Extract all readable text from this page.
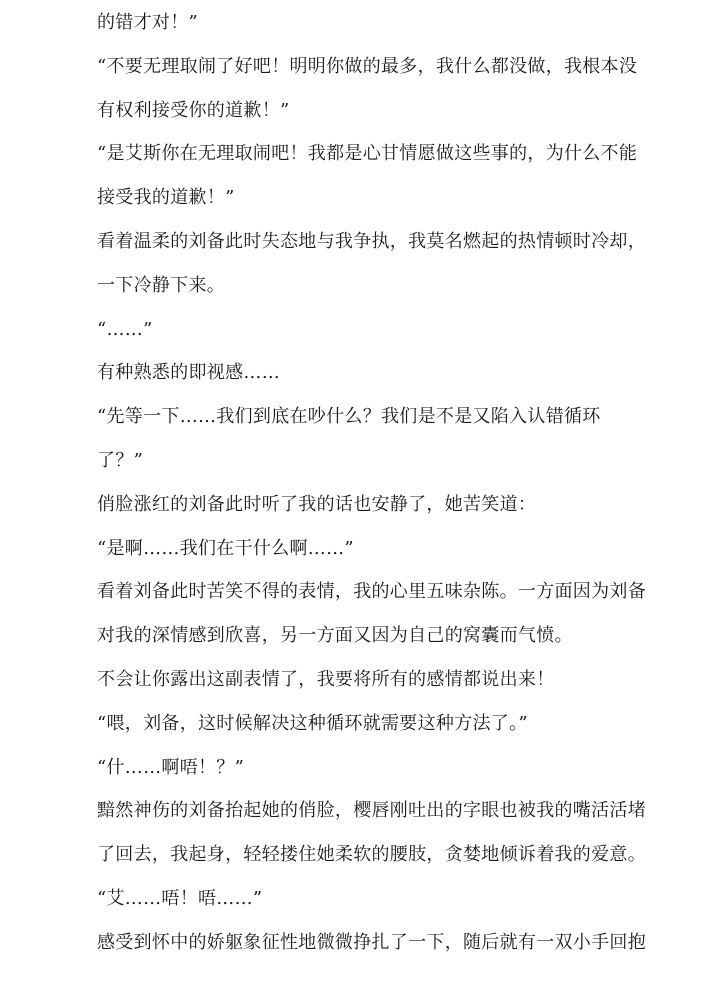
的错才对！”
“不要无理取闹了好吧！明明你做的最多，我什么都没做，我根本没
有权利接受你的道歉！”
“是艾斯你在无理取闹吧！我都是心甘情愿做这些事的，为什么不能
接受我的道歉！”
看着温柔的刘备此时失态地与我争执，我莫名燃起的热情顿时冷却，
一下冷静下来。
“……”
有种熟悉的即视感……
“先等一下……我们到底在吵什么？我们是不是又陷入认错循环
了？”
俏脸涨红的刘备此时听了我的话也安静了，她苦笑道：
“是啊……我们在干什么啊……”
看着刘备此时苦笑不得的表情，我的心里五味杂陈。一方面因为刘备
对我的深情感到欣喜，另一方面又因为自己的窝囊而气愤。
不会让你露出这副表情了，我要将所有的感情都说出来！
“喂，刘备，这时候解决这种循环就需要这种方法了。”
“什……啊唔！？”
黯然神伤的刘备抬起她的俏脸，樱唇刚吐出的字眼也被我的嘴活活堵
了回去，我起身，轻轻搂住她柔软的腰肢，贪婪地倾诉着我的爱意。
“艾……唔！唔……”
感受到怀中的娇躯象征性地微微挣扎了一下，随后就有一双小手回抱
